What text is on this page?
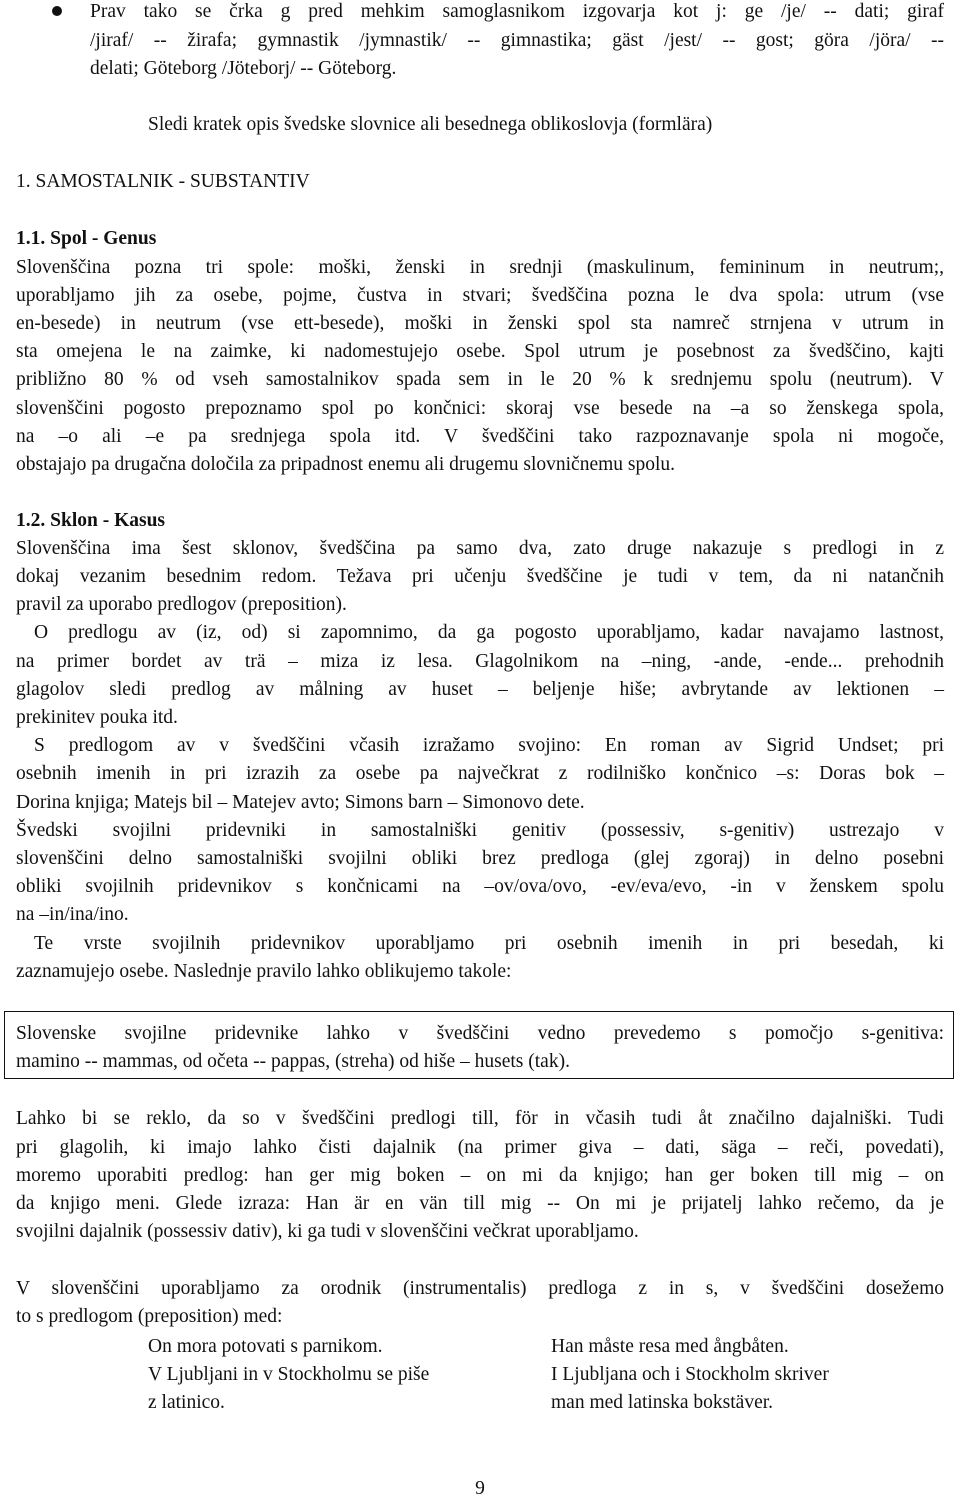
Prav tako se črka g pred mehkim samoglasnikom izgovarja kot j: ge /je/ -- dati; giraf
/jiraf/ -- žirafa; gymnastik /jymnastik/ -- gimnastika; gäst /jest/ -- gost; göra /jöra/ --
delati; Göteborg /Jöteborj/ -- Göteborg.
Sledi kratek opis švedske slovnice ali besednega oblikoslovja (formlära)
1. SAMOSTALNIK - SUBSTANTIV
1.1. Spol - Genus
Slovenščina pozna tri spole: moški, ženski in srednji (maskulinum, femininum in neutrum;,
uporabljamo jih za osebe, pojme, čustva in stvari; švedščina pozna le dva spola: utrum (vse
en-besede) in neutrum (vse ett-besede), moški in ženski spol sta namreč strnjena v utrum in
sta omejena le na zaimke, ki nadomestujejo osebe. Spol utrum je posebnost za švedščino, kajti
približno 80 % od vseh samostalnikov spada sem in le 20 % k srednjemu spolu (neutrum). V
slovenščini pogosto prepoznamo spol po končnici: skoraj vse besede na –a so ženskega spola,
na –o ali –e pa srednjega spola itd. V švedščini tako razpoznavanje spola ni mogoče,
obstajajo pa drugačna določila za pripadnost enemu ali drugemu slovničnemu spolu.
1.2. Sklon - Kasus
Slovenščina ima šest sklonov, švedščina pa samo dva, zato druge nakazuje s predlogi in z
dokaj vezanim besednim redom. Težava pri učenju švedščine je tudi v tem, da ni natančnih
pravil za uporabo predlogov (preposition).
O predlogu av (iz, od) si zapomnimo, da ga pogosto uporabljamo, kadar navajamo lastnost,
na primer bordet av trä – miza iz lesa. Glagolnikom na –ning, -ande, -ende... prehodnih
glagolov sledi predlog av målning av huset – beljenje hiše; avbrytande av lektionen –
prekinitev pouka itd.
S predlogom av v švedščini včasih izražamo svojino: En roman av Sigrid Undset; pri
osebnih imenih in pri izrazih za osebe pa največkrat z rodilniško končnico –s: Doras bok –
Dorina knjiga; Matejs bil – Matejev avto; Simons barn – Simonovo dete.
Švedski svojilni pridevniki in samostalniški genitiv (possessiv, s-genitiv) ustrezajo v
slovenščini delno samostalniški svojilni obliki brez predloga (glej zgoraj) in delno posebni
obliki svojilnih pridevnikov s končnicami na –ov/ova/ovo, -ev/eva/evo, -in v ženskem spolu
na –in/ina/ino.
Te vrste svojilnih pridevnikov uporabljamo pri osebnih imenih in pri besedah, ki
zaznamujejo osebe. Naslednje pravilo lahko oblikujemo takole:
Slovenske svojilne pridevnike lahko v švedščini vedno prevedemo s pomočjo s-genitiva:
mamino -- mammas, od očeta -- pappas, (streha) od hiše – husets (tak).
Lahko bi se reklo, da so v švedščini predlogi till, för in včasih tudi åt značilno dajalniški. Tudi
pri glagolih, ki imajo lahko čisti dajalnik (na primer giva – dati, säga – reči, povedati),
moremo uporabiti predlog: han ger mig boken – on mi da knjigo; han ger boken till mig – on
da knjigo meni. Glede izraza: Han är en vän till mig -- On mi je prijatelj lahko rečemo, da je
svojilni dajalnik (possessiv dativ), ki ga tudi v slovenščini večkrat uporabljamo.
V slovenščini uporabljamo za orodnik (instrumentalis) predloga z in s, v švedščini dosežemo
to s predlogom (preposition) med:
On mora potovati s parnikom.
V Ljubljani in v Stockholmu se piše
z latinico.
Han måste resa med ångbåten.
I Ljubljana och i Stockholm skriver
man med latinska bokstäver.
9
